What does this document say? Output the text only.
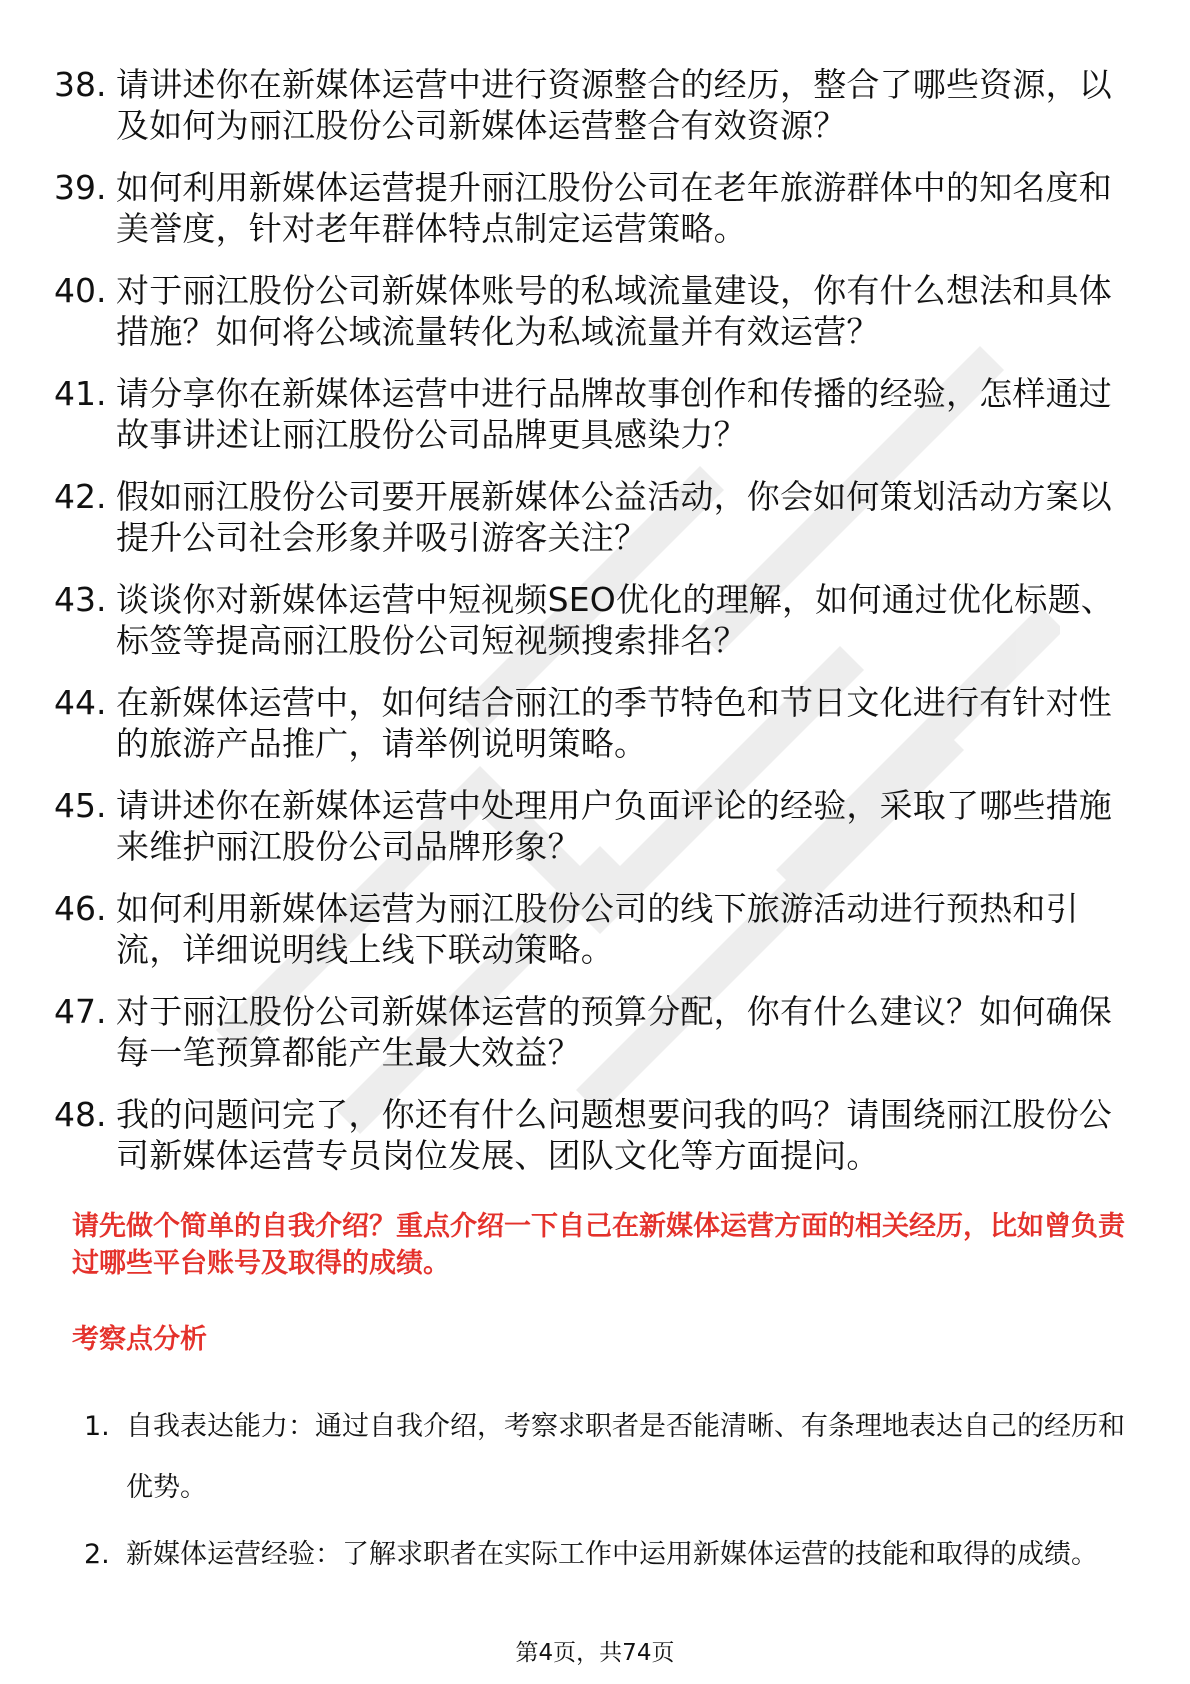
38. 请讲述你在新媒体运营中进行资源整合的经历，整合了哪些资源，以及如何为丽江股份公司新媒体运营整合有效资源？
39. 如何利用新媒体运营提升丽江股份公司在老年旅游群体中的知名度和美誉度，针对老年群体特点制定运营策略。
40. 对于丽江股份公司新媒体账号的私域流量建设，你有什么想法和具体措施？如何将公域流量转化为私域流量并有效运营？
41. 请分享你在新媒体运营中进行品牌故事创作和传播的经验，怎样通过故事讲述让丽江股份公司品牌更具感染力？
42. 假如丽江股份公司要开展新媒体公益活动，你会如何策划活动方案以提升公司社会形象并吸引游客关注？
43. 谈谈你对新媒体运营中短视频SEO优化的理解，如何通过优化标题、标签等提高丽江股份公司短视频搜索排名？
44. 在新媒体运营中，如何结合丽江的季节特色和节日文化进行有针对性的旅游产品推广，请举例说明策略。
45. 请讲述你在新媒体运营中处理用户负面评论的经验，采取了哪些措施来维护丽江股份公司品牌形象？
46. 如何利用新媒体运营为丽江股份公司的线下旅游活动进行预热和引流，详细说明线上线下联动策略。
47. 对于丽江股份公司新媒体运营的预算分配，你有什么建议？如何确保每一笔预算都能产生最大效益？
48. 我的问题问完了，你还有什么问题想要问我的吗？请围绕丽江股份公司新媒体运营专员岗位发展、团队文化等方面提问。

请先做个简单的自我介绍？重点介绍一下自己在新媒体运营方面的相关经历，比如曾负责过哪些平台账号及取得的成绩。

考察点分析
1. 自我表达能力：通过自我介绍，考察求职者是否能清晰、有条理地表达自己的经历和优势。
2. 新媒体运营经验：了解求职者在实际工作中运用新媒体运营的技能和取得的成绩。
第4页，共74页
